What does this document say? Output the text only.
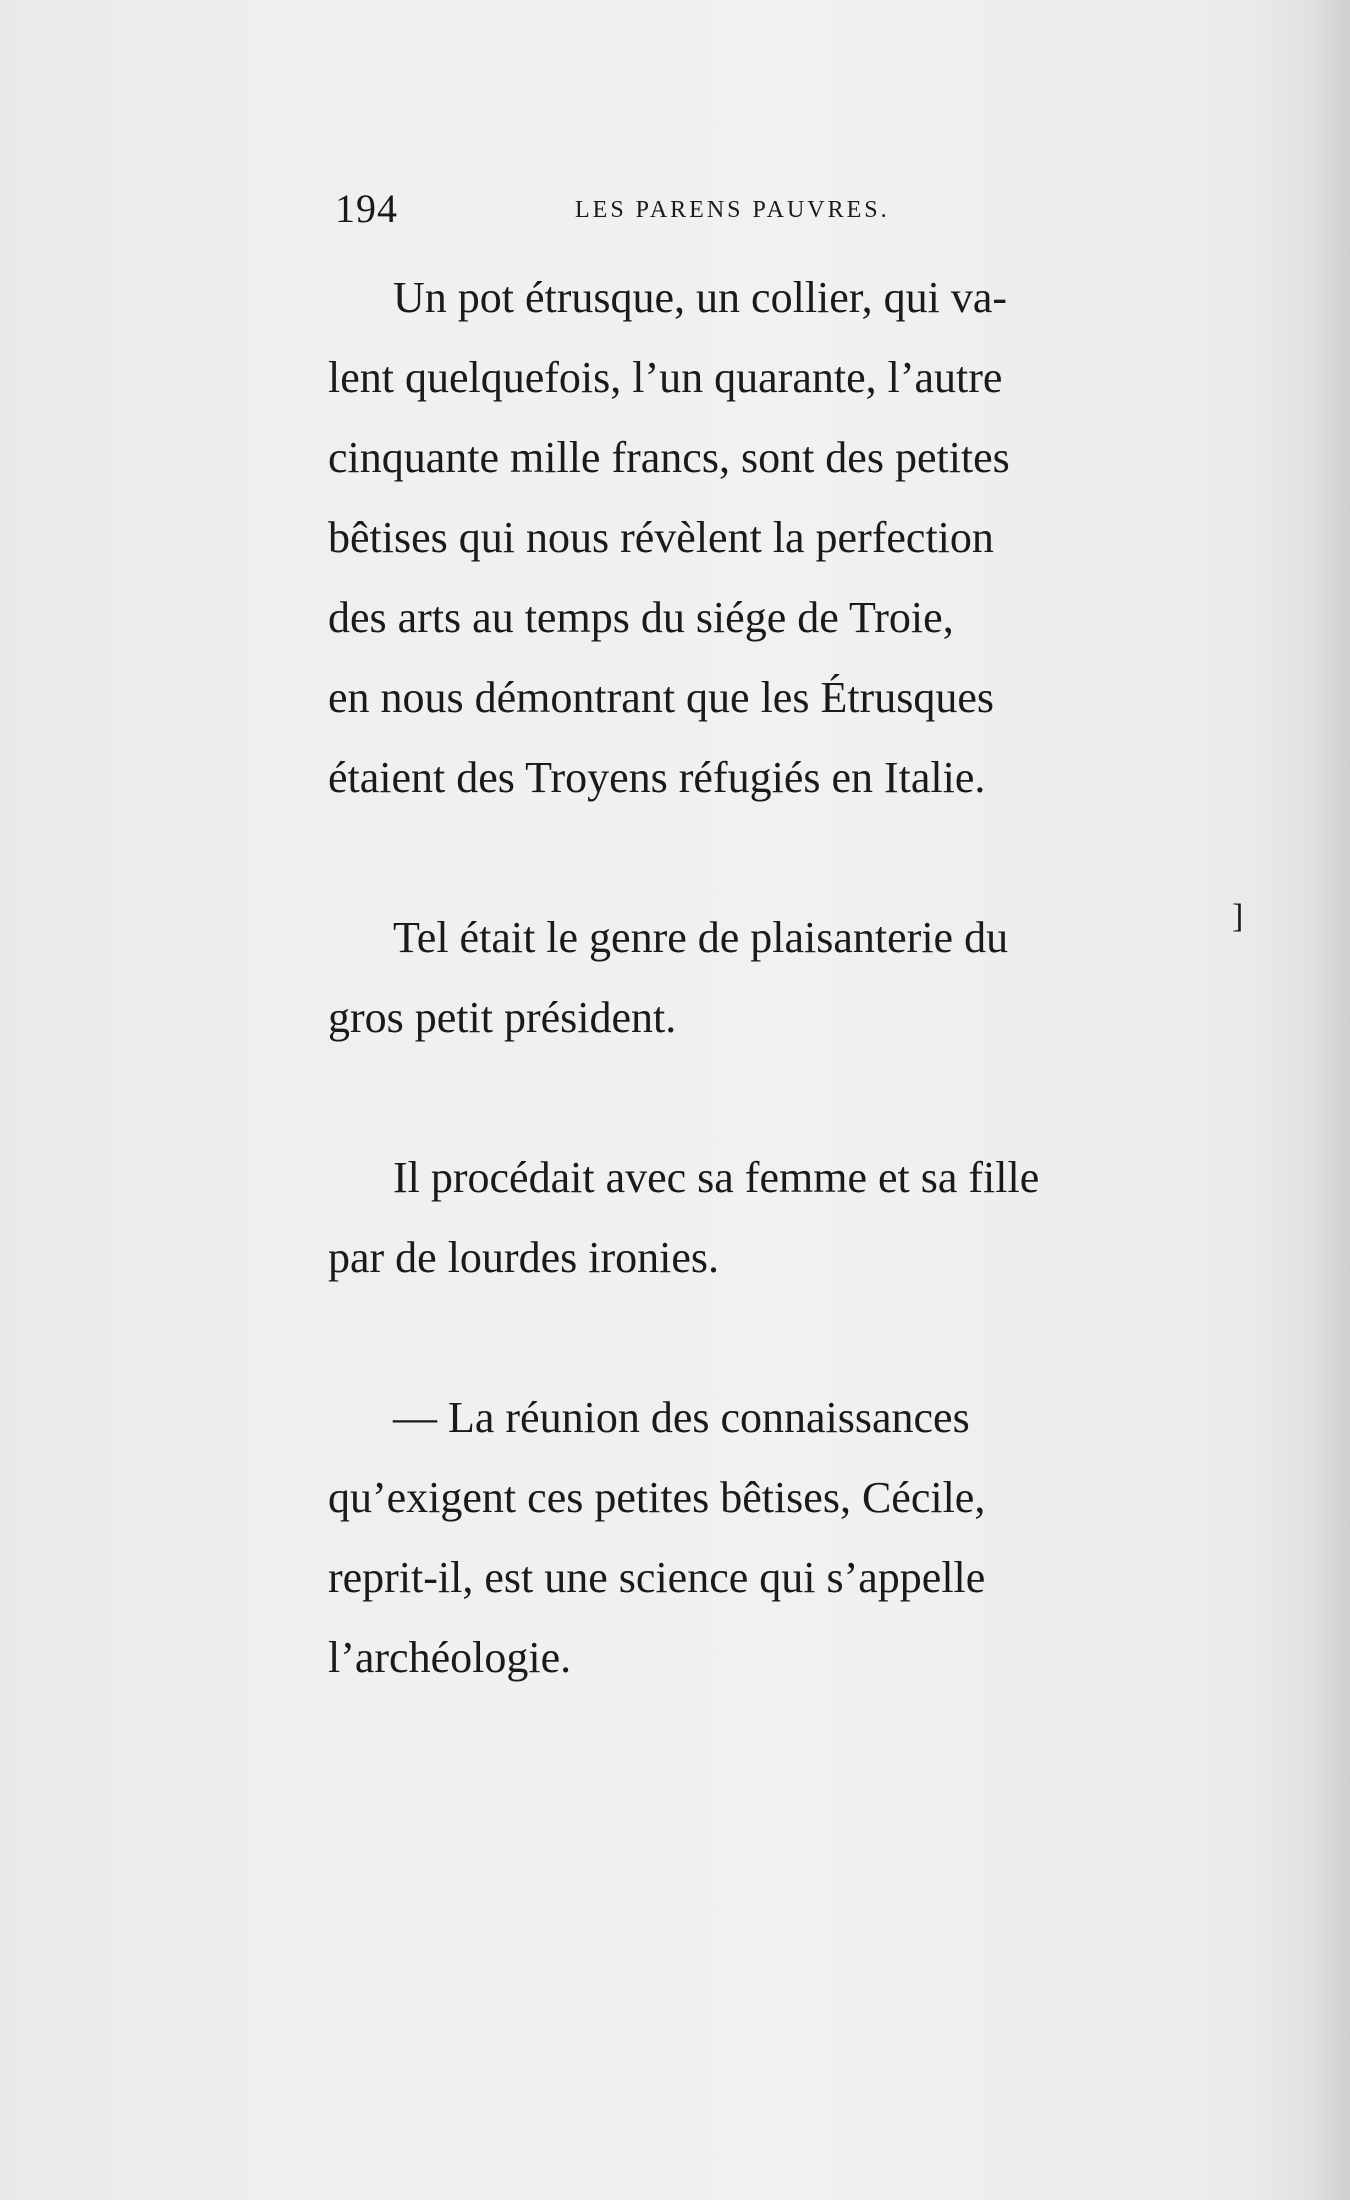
194	LES PARENS PAUVRES.
Un pot étrusque, un collier, qui va-
lent quelquefois, l’un quarante, l’autre
cinquante mille francs, sont des petites
bêtises qui nous révèlent la perfection
des arts au temps du siége de Troie,
en nous démontrant que les Étrusques
étaient des Troyens réfugiés en Italie.
Tel était le genre de plaisanterie du
gros petit président.
Il procédait avec sa femme et sa fille
par de lourdes ironies.
— La réunion des connaissances
qu’exigent ces petites bêtises, Cécile,
reprit-il, est une science qui s’appelle
l’archéologie.
]
